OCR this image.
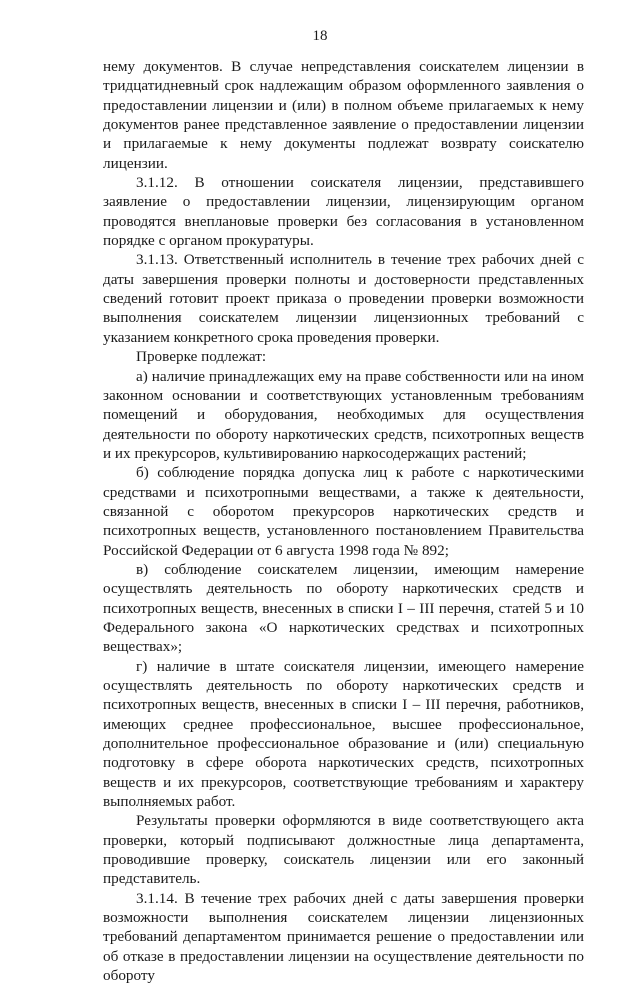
18

нему документов. В случае непредставления соискателем лицензии в тридцатидневный срок надлежащим образом оформленного заявления о предоставлении лицензии и (или) в полном объеме прилагаемых к нему документов ранее представленное заявление о предоставлении лицензии и прилагаемые к нему документы подлежат возврату соискателю лицензии.

3.1.12. В отношении соискателя лицензии, представившего заявление о предоставлении лицензии, лицензирующим органом проводятся внеплановые проверки без согласования в установленном порядке с органом прокуратуры.

3.1.13. Ответственный исполнитель в течение трех рабочих дней с даты завершения проверки полноты и достоверности представленных сведений готовит проект приказа о проведении проверки возможности выполнения соискателем лицензии лицензионных требований с указанием конкретного срока проведения проверки.

Проверке подлежат:

а) наличие принадлежащих ему на праве собственности или на ином законном основании и соответствующих установленным требованиям помещений и оборудования, необходимых для осуществления деятельности по обороту наркотических средств, психотропных веществ и их прекурсоров, культивированию наркосодержащих растений;

б) соблюдение порядка допуска лиц к работе с наркотическими средствами и психотропными веществами, а также к деятельности, связанной с оборотом прекурсоров наркотических средств и психотропных веществ, установленного постановлением Правительства Российской Федерации от 6 августа 1998 года № 892;

в) соблюдение соискателем лицензии, имеющим намерение осуществлять деятельность по обороту наркотических средств и психотропных веществ, внесенных в списки I – III перечня, статей 5 и 10 Федерального закона «О наркотических средствах и психотропных веществах»;

г) наличие в штате соискателя лицензии, имеющего намерение осуществлять деятельность по обороту наркотических средств и психотропных веществ, внесенных в списки I – III перечня, работников, имеющих среднее профессиональное, высшее профессиональное, дополнительное профессиональное образование и (или) специальную подготовку в сфере оборота наркотических средств, психотропных веществ и их прекурсоров, соответствующие требованиям и характеру выполняемых работ.

Результаты проверки оформляются в виде соответствующего акта проверки, который подписывают должностные лица департамента, проводившие проверку, соискатель лицензии или его законный представитель.

3.1.14. В течение трех рабочих дней с даты завершения проверки возможности выполнения соискателем лицензии лицензионных требований департаментом принимается решение о предоставлении или об отказе в предоставлении лицензии на осуществление деятельности по обороту
